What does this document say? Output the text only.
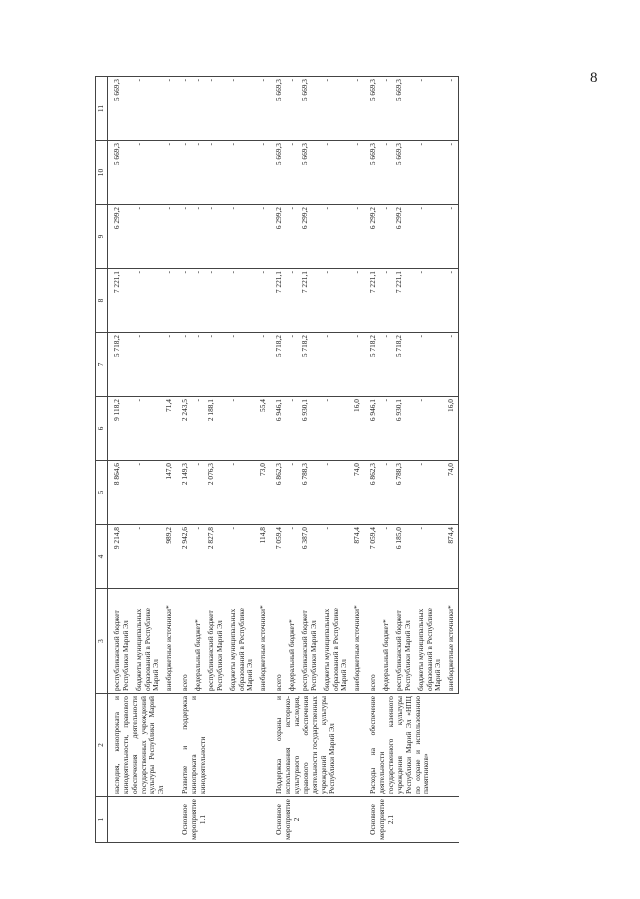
8
1	2	3	4	5	6	7	8	9	10	11
	наследия, кинопроката и кинодеятельности, правового обеспечения деятельности государственных учреждений культуры Республики Марий Эл	республиканский бюджет Республики Марий Эл	9 214,8	8 864,6	9 118,2	5 718,2	7 221,1	6 299,2	5 669,3	5 669,3
		бюджеты муниципальных образований в Республике Марий Эл	-	-	-	-	-	-	-	-
		внебюджетные источники*	989,2	147,0	71,4	-	-	-	-	-
Основное мероприятие 1.1	Развитие и поддержка кинопроката и кинодеятельности	всего	2 942,6	2 149,3	2 243,5	-	-	-	-	-
		федеральный бюджет*	-	-	-	-	-	-	-	-
		республиканский бюджет Республики Марий Эл	2 827,8	2 076,3	2 188,1	-	-	-	-	-
		бюджеты муниципальных образований в Республике Марий Эл	-	-	-	-	-	-	-	-
		внебюджетные источники*	114,8	73,0	55,4	-	-	-	-	-
Основное мероприятие 2	Поддержка охраны и использования историко-культурного наследия, правового обеспечения деятельности государственных учреждений культуры Республики Марий Эл	всего	7 059,4	6 862,3	6 946,1	5 718,2	7 221,1	6 299,2	5 669,3	5 669,3
		федеральный бюджет*	-	-	-	-	-	-	-	-
		республиканский бюджет Республики Марий Эл	6 387,0	6 788,3	6 930,1	5 718,2	7 221,1	6 299,2	5 669,3	5 669,3
		бюджеты муниципальных образований в Республике Марий Эл	-	-	-	-	-	-	-	-
		внебюджетные источники*	874,4	74,0	16,0	-	-	-	-	-
Основное мероприятие 2.1	Расходы на обеспечение деятельности государственного казенного учреждения культуры Республики Марий Эл «НПЦ по охране и использованию памятников»	всего	7 059,4	6 862,3	6 946,1	5 718,2	7 221,1	6 299,2	5 669,3	5 669,3
		федеральный бюджет*	-	-	-	-	-	-	-	-
		республиканский бюджет Республики Марий Эл	6 185,0	6 788,3	6 930,1	5 718,2	7 221,1	6 299,2	5 669,3	5 669,3
		бюджеты муниципальных образований в Республике Марий Эл	-	-	-	-	-	-	-	-
		внебюджетные источники*	874,4	74,0	16,0	-	-	-	-	-
